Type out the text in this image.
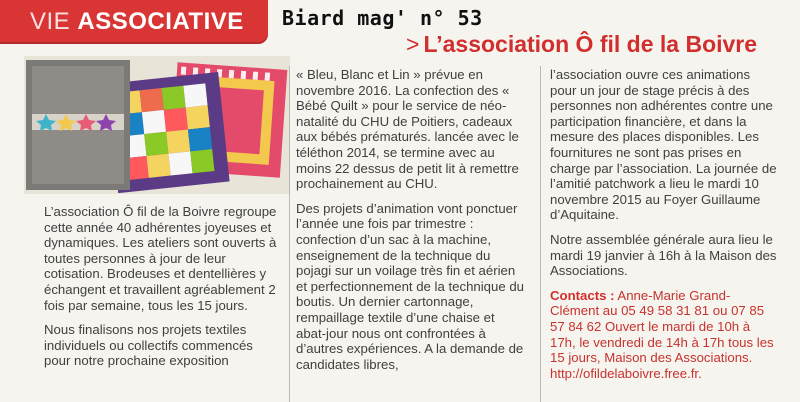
VIE ASSOCIATIVE Biard mag' n° 53
> L’association Ô fil de la Boivre

L’association Ô fil de la Boivre regroupe cette année 40 adhérentes joyeuses et dynamiques. Les ateliers sont ouverts à toutes personnes à jour de leur cotisation. Brodeuses et dentellières y échangent et travaillent agréablement 2 fois par semaine, tous les 15 jours.

Nous finalisons nos projets textiles individuels ou collectifs commencés pour notre prochaine exposition

« Bleu, Blanc et Lin » prévue en novembre 2016. La confection des « Bébé Quilt » pour le service de néo-natalité du CHU de Poitiers, cadeaux aux bébés prématurés. lancée avec le téléthon 2014, se termine avec au moins 22 dessus de petit lit à remettre prochainement au CHU.

Des projets d’animation vont ponctuer l’année une fois par trimestre : confection d’un sac à la machine, enseignement de la technique du pojagi sur un voilage très fin et aérien et perfectionnement de la technique du boutis. Un dernier cartonnage, rempaillage textile d’une chaise et abat-jour nous ont confrontées à d’autres expériences. A la demande de candidates libres,

l’association ouvre ces animations pour un jour de stage précis à des personnes non adhérentes contre une participation financière, et dans la mesure des places disponibles. Les fournitures ne sont pas prises en charge par l’association. La journée de l’amitié patchwork a lieu le mardi 10 novembre 2015 au Foyer Guillaume d’Aquitaine.

Notre assemblée générale aura lieu le mardi 19 janvier à 16h à la Maison des Associations.

Contacts : Anne-Marie Grand-Clément au 05 49 58 31 81 ou 07 85 57 84 62 Ouvert le mardi de 10h à 17h, le vendredi de 14h à 17h tous les 15 jours, Maison des Associations. http://ofildelaboivre.free.fr.
